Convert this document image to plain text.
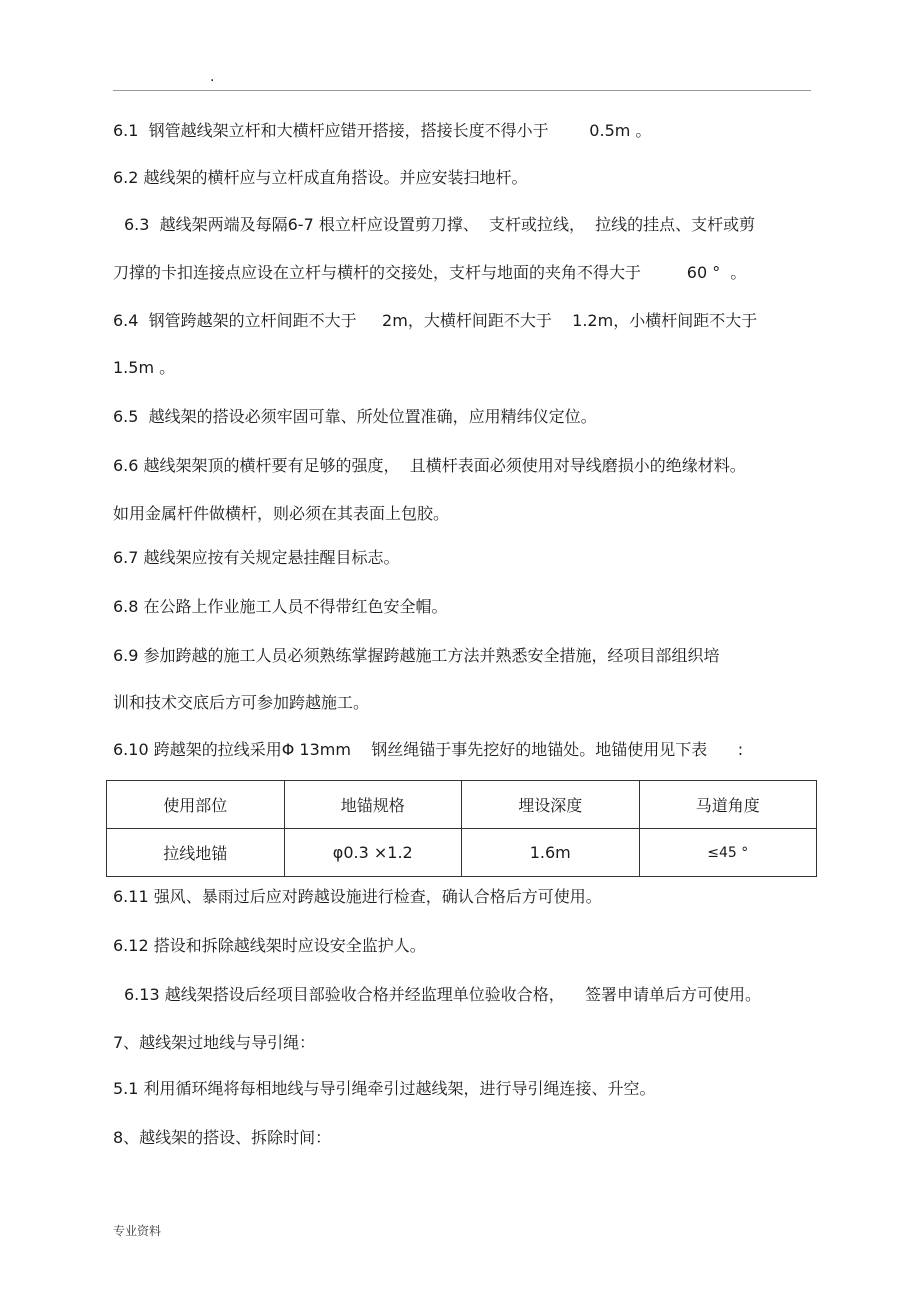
.
6.1  钢管越线架立杆和大横杆应错开搭接，搭接长度不得小于        0.5m 。
6.2 越线架的横杆应与立杆成直角搭设。并应安装扫地杆。
6.3  越线架两端及每隔6-7 根立杆应设置剪刀撑、  支杆或拉线，  拉线的挂点、支杆或剪
刀撑的卡扣连接点应设在立杆与横杆的交接处，支杆与地面的夹角不得大于         60 °  。
6.4  钢管跨越架的立杆间距不大于     2m，大横杆间距不大于    1.2m，小横杆间距不大于
1.5m 。
6.5  越线架的搭设必须牢固可靠、所处位置准确，应用精纬仪定位。
6.6 越线架架顶的横杆要有足够的强度，  且横杆表面必须使用对导线磨损小的绝缘材料。
如用金属杆件做横杆，则必须在其表面上包胶。
6.7 越线架应按有关规定悬挂醒目标志。
6.8 在公路上作业施工人员不得带红色安全帽。
6.9 参加跨越的施工人员必须熟练掌握跨越施工方法并熟悉安全措施，经项目部组织培
训和技术交底后方可参加跨越施工。
6.10 跨越架的拉线采用Φ 13mm    钢丝绳锚于事先挖好的地锚处。地锚使用见下表      :
使用部位	地锚规格	埋设深度	马道角度
拉线地锚	φ0.3 ×1.2	1.6m	≤45 °
6.11 强风、暴雨过后应对跨越设施进行检查，确认合格后方可使用。
6.12 搭设和拆除越线架时应设安全监护人。
6.13 越线架搭设后经项目部验收合格并经监理单位验收合格，    签署申请单后方可使用。
7、越线架过地线与导引绳：
5.1 利用循环绳将每相地线与导引绳牵引过越线架，进行导引绳连接、升空。
8、越线架的搭设、拆除时间：
专业资料
